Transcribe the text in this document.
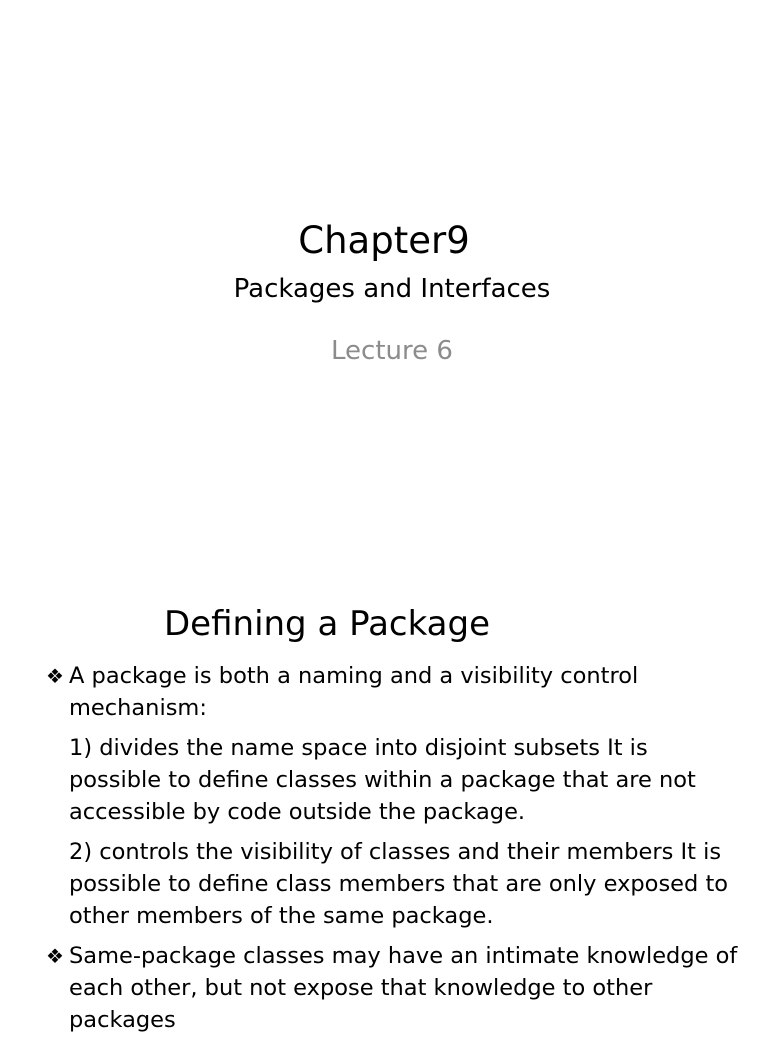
Chapter9
Packages and Interfaces
Lecture 6
Defining a Package
❖ A package is both a naming and a visibility control mechanism:
1) divides the name space into disjoint subsets It is possible to define classes within a package that are not accessible by code outside the package.
2) controls the visibility of classes and their members It is possible to define class members that are only exposed to other members of the same package.
❖ Same-package classes may have an intimate knowledge of each other, but not expose that knowledge to other packages
